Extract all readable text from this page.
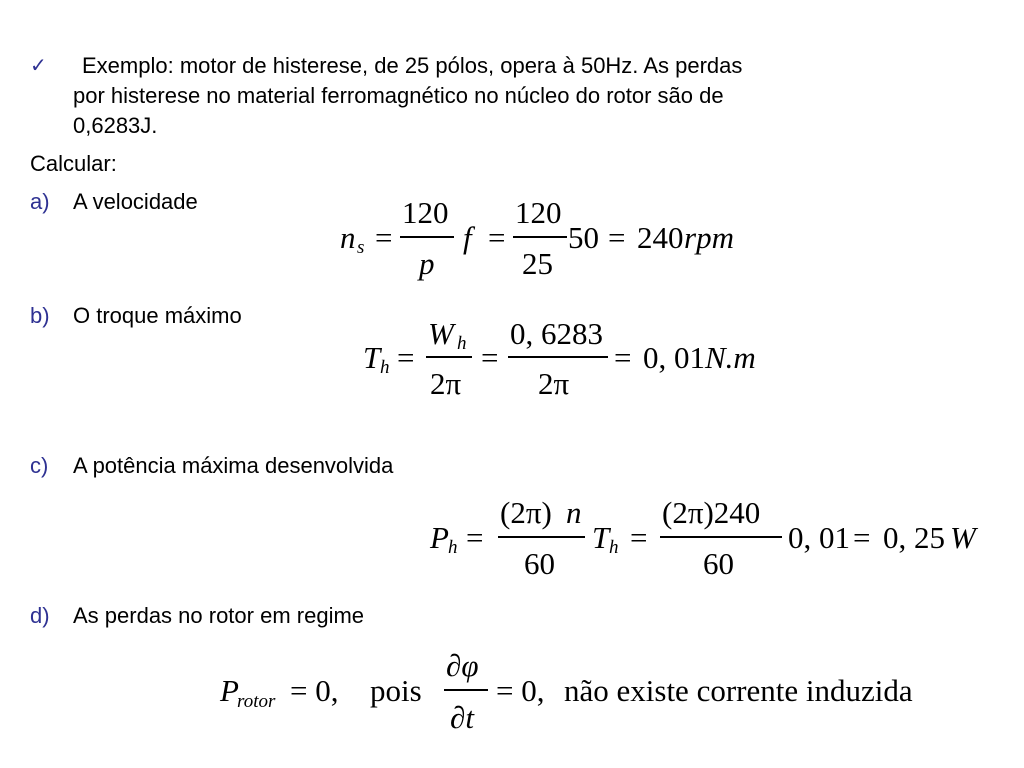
✓ Exemplo: motor de histerese, de 25 pólos, opera à 50Hz. As perdas
por histerese no material ferromagnético no núcleo do rotor são de
0,6283J.
Calcular:
a) A velocidade
n s =
120
p
f =
120
25
50 = 240 rpm
b) O troque máximo
T h =
W h
2π
=
0, 6283
2π
= 0, 01 N.m
c) A potência máxima desenvolvida
P h =
(2π) n
60
T h =
(2π)240
60
0, 01 = 0, 25 W
d) As perdas no rotor em regime
P
rotor = 0, pois
∂φ
∂t
= 0, não existe corrente induzida
